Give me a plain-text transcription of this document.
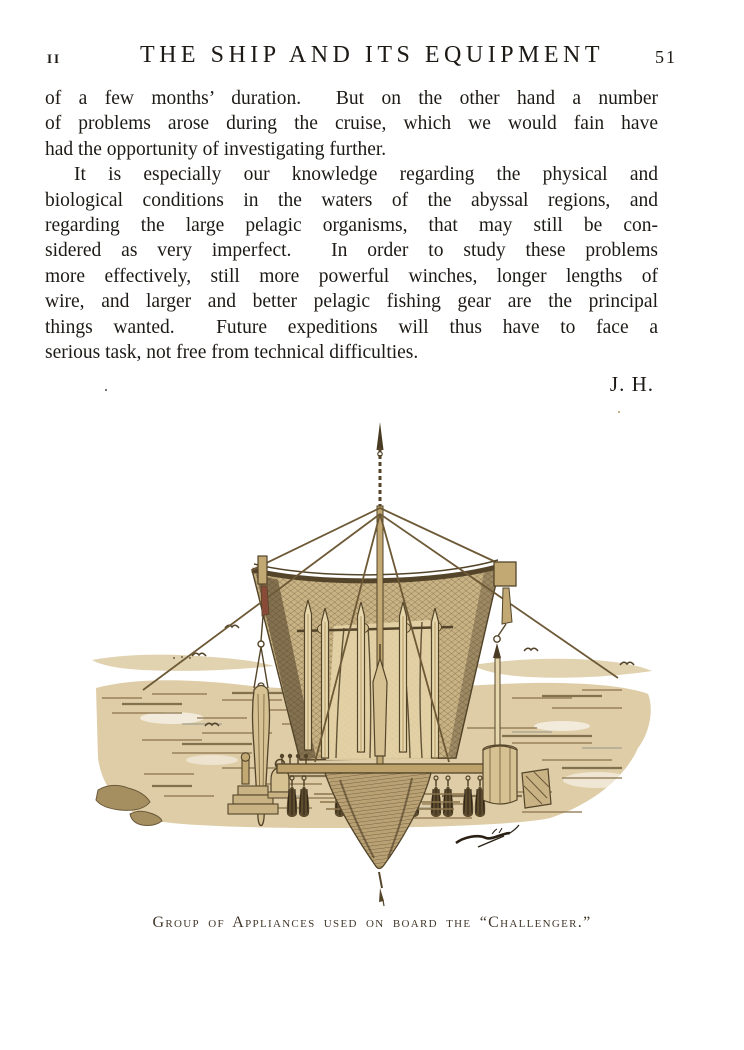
II	THE SHIP AND ITS EQUIPMENT	51
of a few months’ duration.  But on the other hand a number
of problems arose during the cruise, which we would fain have
had the opportunity of investigating further.
It is especially our knowledge regarding the physical and
biological conditions in the waters of the abyssal regions, and
regarding the large pelagic organisms, that may still be con-
sidered as very imperfect.  In order to study these problems
more effectively, still more powerful winches, longer lengths of
wire, and larger and better pelagic fishing gear are the principal
things wanted.  Future expeditions will thus have to face a
serious task, not free from technical difficulties.
J. H.
Group of Appliances used on board the “Challenger.”
